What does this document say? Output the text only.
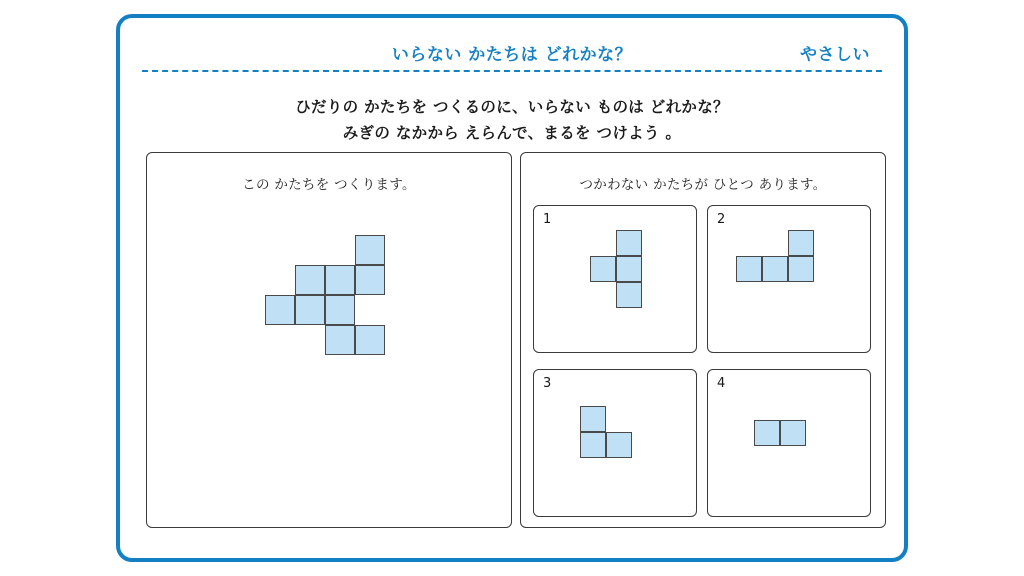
いらない かたちは どれかな？	やさしい
ひだりの かたちを つくるのに、いらない ものは どれかな？
みぎの なかから えらんで、まるを つけよう 。
この かたちを つくります。	つかわない かたちが ひとつ あります。
1	2
3	4
